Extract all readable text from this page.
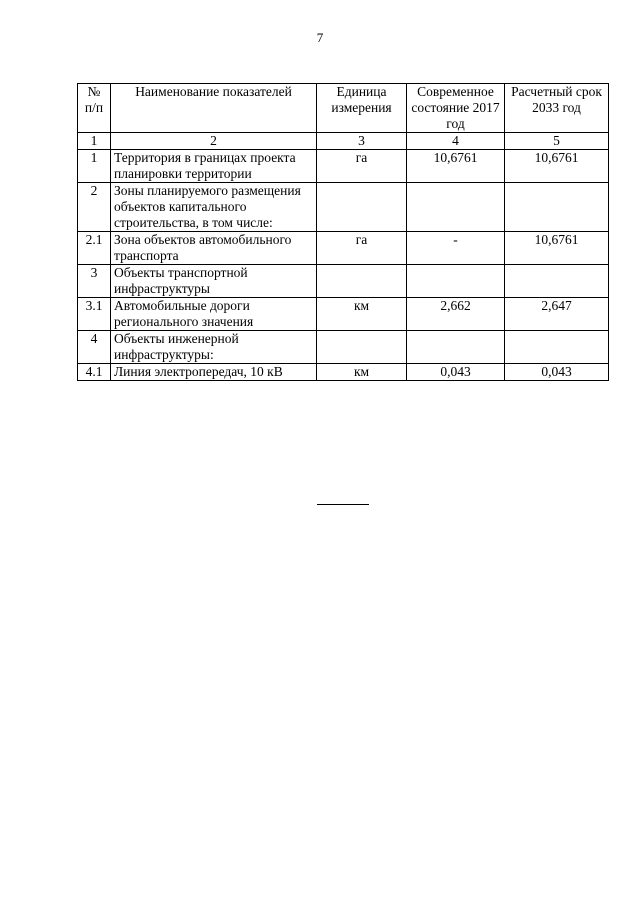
7
№ п/п	Наименование показателей	Единица измерения	Современное состояние 2017 год	Расчетный срок 2033 год
1	2	3	4	5
1	Территория в границах проекта планировки территории	га	10,6761	10,6761
2	Зоны планируемого размещения объектов капитального строительства, в том числе:			
2.1	Зона объектов автомобильного транспорта	га	-	10,6761
3	Объекты транспортной инфраструктуры			
3.1	Автомобильные дороги регионального значения	км	2,662	2,647
4	Объекты инженерной инфраструктуры:			
4.1	Линия электропередач, 10 кВ	км	0,043	0,043
